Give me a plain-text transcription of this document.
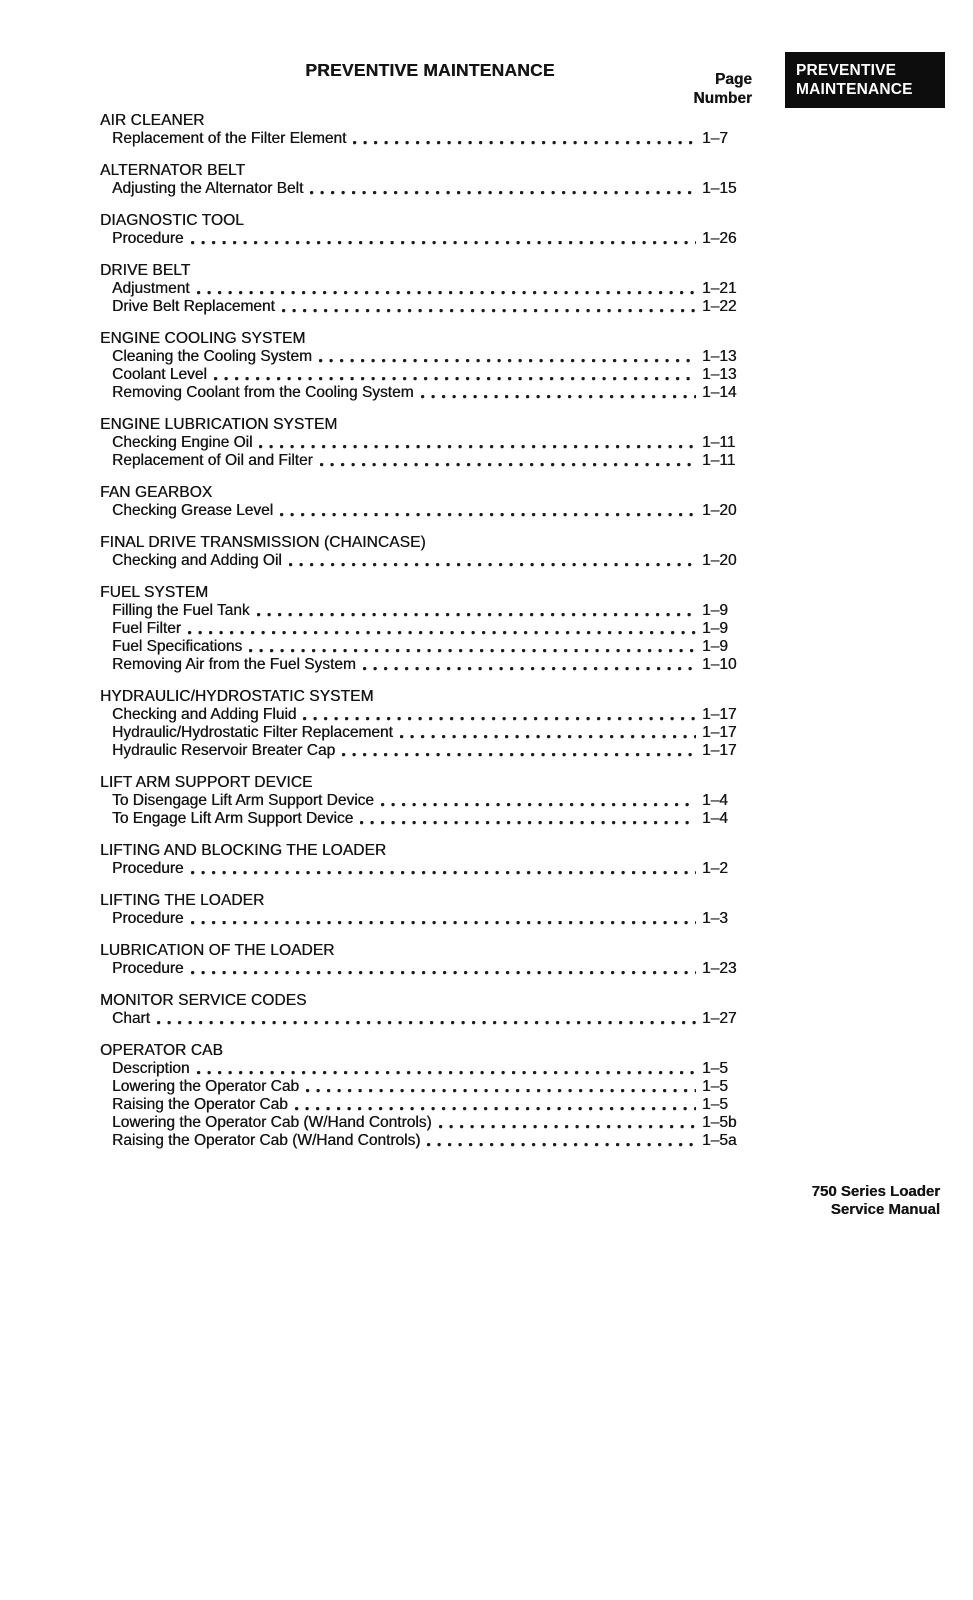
PREVENTIVE MAINTENANCE	Page
Number
AIR CLEANER
Replacement of the Filter Element	1–7
ALTERNATOR BELT
Adjusting the Alternator Belt	1–15
DIAGNOSTIC TOOL
Procedure	1–26
DRIVE BELT
Adjustment	1–21
Drive Belt Replacement	1–22
ENGINE COOLING SYSTEM
Cleaning the Cooling System	1–13
Coolant Level	1–13
Removing Coolant from the Cooling System	1–14
ENGINE LUBRICATION SYSTEM
Checking Engine Oil	1–11
Replacement of Oil and Filter	1–11
FAN GEARBOX
Checking Grease Level	1–20
FINAL DRIVE TRANSMISSION (CHAINCASE)
Checking and Adding Oil	1–20
FUEL SYSTEM
Filling the Fuel Tank	1–9
Fuel Filter	1–9
Fuel Specifications	1–9
Removing Air from the Fuel System	1–10
HYDRAULIC/HYDROSTATIC SYSTEM
Checking and Adding Fluid	1–17
Hydraulic/Hydrostatic Filter Replacement	1–17
Hydraulic Reservoir Breater Cap	1–17
LIFT ARM SUPPORT DEVICE
To Disengage Lift Arm Support Device	1–4
To Engage Lift Arm Support Device	1–4
LIFTING AND BLOCKING THE LOADER
Procedure	1–2
LIFTING THE LOADER
Procedure	1–3
LUBRICATION OF THE LOADER
Procedure	1–23
MONITOR SERVICE CODES
Chart	1–27
OPERATOR CAB
Description	1–5
Lowering the Operator Cab	1–5
Raising the Operator Cab	1–5
Lowering the Operator Cab (W/Hand Controls)	1–5b
Raising the Operator Cab (W/Hand Controls)	1–5a
PREVENTIVE
MAINTENANCE
750 Series Loader
Service Manual
